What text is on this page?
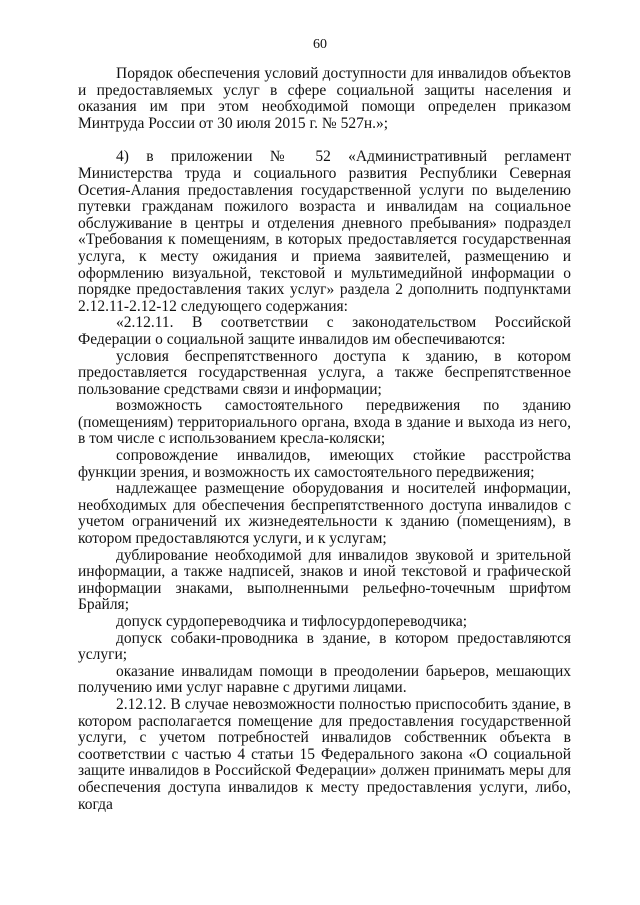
60

Порядок обеспечения условий доступности для инвалидов объектов и предоставляемых услуг в сфере социальной защиты населения и оказания им при этом необходимой помощи определен приказом Минтруда России от 30 июля 2015 г. № 527н.»;

4) в приложении № 52 «Административный регламент Министерства труда и социального развития Республики Северная Осетия-Алания предоставления государственной услуги по выделению путевки гражданам пожилого возраста и инвалидам на социальное обслуживание в центры и отделения дневного пребывания» подраздел «Требования к помещениям, в которых предоставляется государственная услуга, к месту ожидания и приема заявителей, размещению и оформлению визуальной, текстовой и мультимедийной информации о порядке предоставления таких услуг» раздела 2 дополнить подпунктами 2.12.11-2.12-12 следующего содержания:

«2.12.11. В соответствии с законодательством Российской Федерации о социальной защите инвалидов им обеспечиваются:

условия беспрепятственного доступа к зданию, в котором предоставляется государственная услуга, а также беспрепятственное пользование средствами связи и информации;

возможность самостоятельного передвижения по зданию (помещениям) территориального органа, входа в здание и выхода из него, в том числе с использованием кресла-коляски;

сопровождение инвалидов, имеющих стойкие расстройства функции зрения, и возможность их самостоятельного передвижения;

надлежащее размещение оборудования и носителей информации, необходимых для обеспечения беспрепятственного доступа инвалидов с учетом ограничений их жизнедеятельности к зданию (помещениям), в котором предоставляются услуги, и к услугам;

дублирование необходимой для инвалидов звуковой и зрительной информации, а также надписей, знаков и иной текстовой и графической информации знаками, выполненными рельефно-точечным шрифтом Брайля;

допуск сурдопереводчика и тифлосурдопереводчика;

допуск собаки-проводника в здание, в котором предоставляются услуги;

оказание инвалидам помощи в преодолении барьеров, мешающих получению ими услуг наравне с другими лицами.

2.12.12. В случае невозможности полностью приспособить здание, в котором располагается помещение для предоставления государственной услуги, с учетом потребностей инвалидов собственник объекта в соответствии с частью 4 статьи 15 Федерального закона «О социальной защите инвалидов в Российской Федерации» должен принимать меры для обеспечения доступа инвалидов к месту предоставления услуги, либо, когда
